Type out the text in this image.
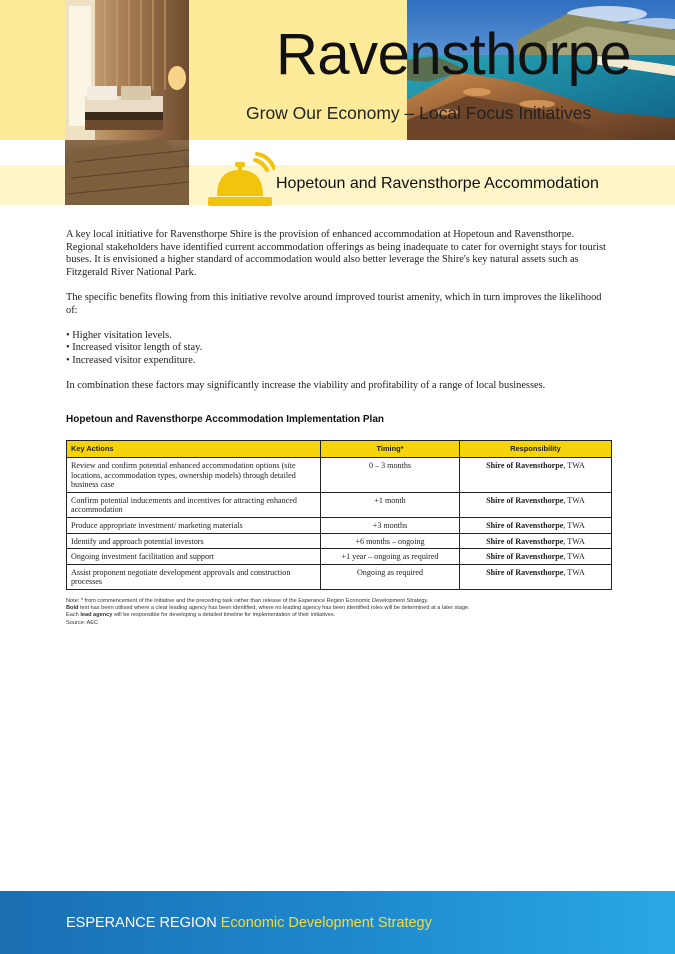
Ravensthorpe
Grow Our Economy – Local Focus Initiatives
Hopetoun and Ravensthorpe Accommodation

A key local initiative for Ravensthorpe Shire is the provision of enhanced accommodation at Hopetoun and Ravensthorpe. Regional stakeholders have identified current accommodation offerings as being inadequate to cater for overnight stays for tourist buses. It is envisioned a higher standard of accommodation would also better leverage the Shire's key natural assets such as Fitzgerald River National Park.

The specific benefits flowing from this initiative revolve around improved tourist amenity, which in turn improves the likelihood of:

• Higher visitation levels.
• Increased visitor length of stay.
• Increased visitor expenditure.

In combination these factors may significantly increase the viability and profitability of a range of local businesses.

Hopetoun and Ravensthorpe Accommodation Implementation Plan
Key Actions	Timing*	Responsibility
Review and confirm potential enhanced accommodation options (site locations, accommodation types, ownership models) through detailed business case	0 – 3 months	Shire of Ravensthorpe, TWA
Confirm potential inducements and incentives for attracting enhanced accommodation	+1 month	Shire of Ravensthorpe, TWA
Produce appropriate investment/ marketing materials	+3 months	Shire of Ravensthorpe, TWA
Identify and approach potential investors	+6 months – ongoing	Shire of Ravensthorpe, TWA
Ongoing investment facilitation and support	+1 year – ongoing as required	Shire of Ravensthorpe, TWA
Assist proponent negotiate development approvals and construction processes	Ongoing as required	Shire of Ravensthorpe, TWA
Note: * from commencement of the initiative and the preceding task rather than release of the Esperance Region Economic Development Strategy.
Bold text has been utilised where a clear leading agency has been identified, where no leading agency has been identified roles will be determined at a later stage.
Each lead agency will be responsible for developing a detailed timeline for implementation of their initiatives.
Source: AEC
ESPERANCE REGION Economic Development Strategy
